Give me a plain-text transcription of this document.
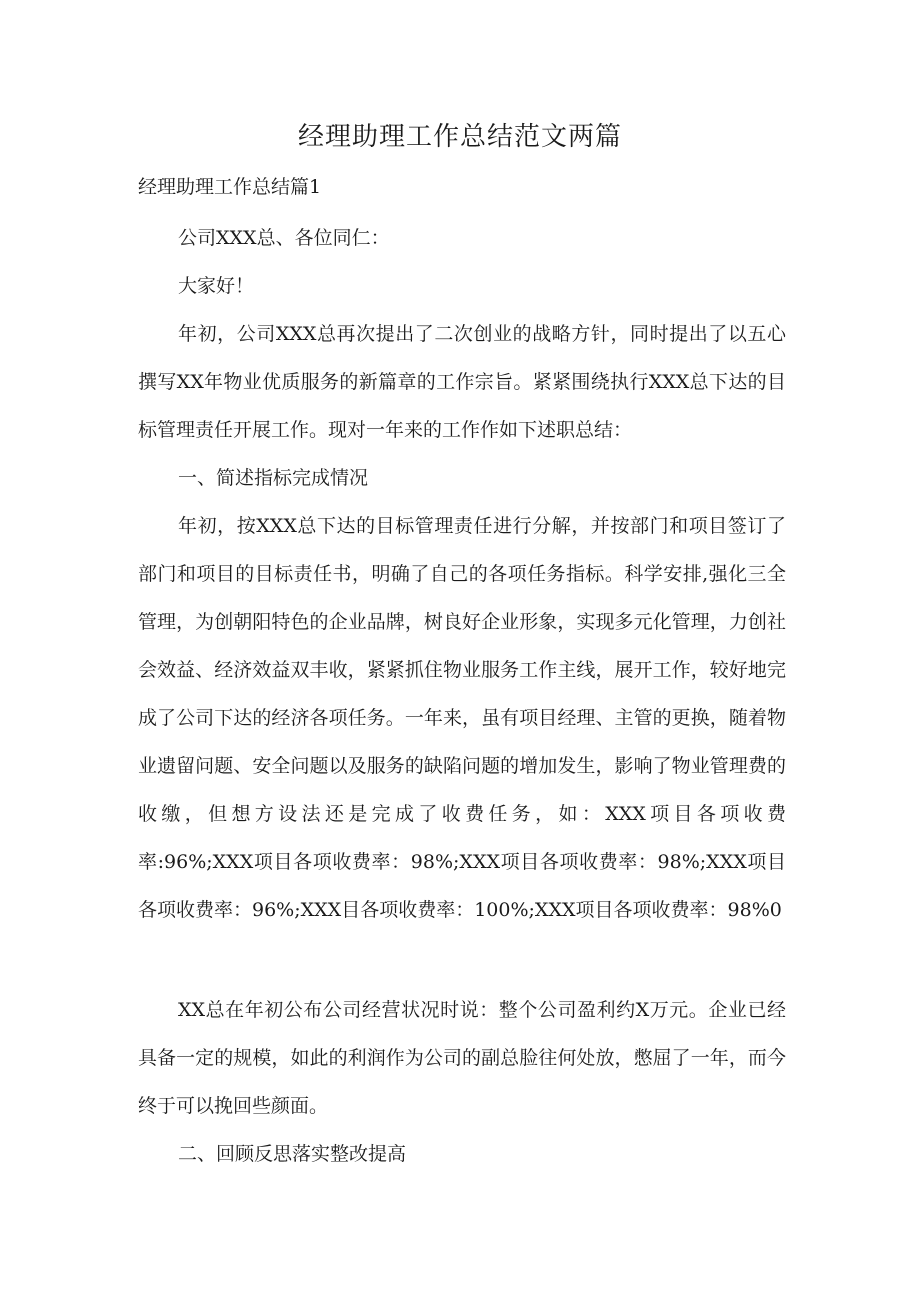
经理助理工作总结范文两篇
经理助理工作总结篇1

公司XXX总、各位同仁：

大家好！

年初，公司XXX总再次提出了二次创业的战略方针，同时提出了以五心撰写XX年物业优质服务的新篇章的工作宗旨。紧紧围绕执行XXX总下达的目标管理责任开展工作。现对一年来的工作作如下述职总结：

一、简述指标完成情况

年初，按XXX总下达的目标管理责任进行分解，并按部门和项目签订了部门和项目的目标责任书，明确了自己的各项任务指标。科学安排,强化三全管理，为创朝阳特色的企业品牌，树良好企业形象，实现多元化管理，力创社会效益、经济效益双丰收，紧紧抓住物业服务工作主线，展开工作，较好地完成了公司下达的经济各项任务。一年来，虽有项目经理、主管的更换，随着物业遗留问题、安全问题以及服务的缺陷问题的增加发生，影响了物业管理费的收缴，但想方设法还是完成了收费任务，如：XXX项目各项收费率:96%;XXX项目各项收费率：98%;XXX项目各项收费率：98%;XXX项目各项收费率：96%;XXX目各项收费率：100%;XXX项目各项收费率：98%0

XX总在年初公布公司经营状况时说：整个公司盈利约X万元。企业已经具备一定的规模，如此的利润作为公司的副总脸往何处放，憋屈了一年，而今终于可以挽回些颜面。

二、回顾反思落实整改提高
